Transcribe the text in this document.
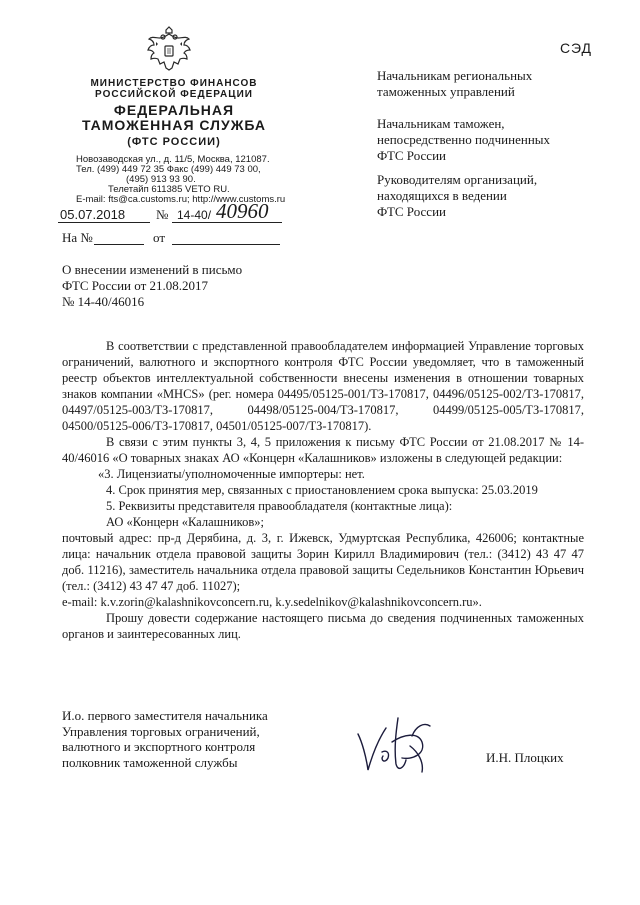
МИНИСТЕРСТВО ФИНАНСОВ
РОССИЙСКОЙ ФЕДЕРАЦИИ
ФЕДЕРАЛЬНАЯ
ТАМОЖЕННАЯ СЛУЖБА
(ФТС РОССИИ)
Новозаводская ул., д. 11/5, Москва, 121087.
Тел. (499) 449 72 35 Факс (499) 449 73 00,
(495) 913 93 90.
Телетайп 611385 VETO RU.
E-mail: fts@ca.customs.ru; http://www.customs.ru
05.07.2018 № 14-40/ 40960
На №	от
СЭД
Начальникам региональных
таможенных управлений
Начальникам таможен,
непосредственно подчиненных
ФТС России
Руководителям организаций,
находящихся в ведении
ФТС России
О внесении изменений в письмо
ФТС России от 21.08.2017
№ 14-40/46016

В соответствии с представленной правообладателем информацией Управление торговых ограничений, валютного и экспортного контроля ФТС России уведомляет, что в таможенный реестр объектов интеллектуальной собственности внесены изменения в отношении товарных знаков компании «MHCS» (рег. номера 04495/05125-001/ТЗ-170817, 04496/05125-002/ТЗ-170817, 04497/05125-003/ТЗ-170817, 04498/05125-004/ТЗ-170817, 04499/05125-005/ТЗ-170817, 04500/05125-006/ТЗ-170817, 04501/05125-007/ТЗ-170817).

В связи с этим пункты 3, 4, 5 приложения к письму ФТС России от 21.08.2017 № 14-40/46016 «О товарных знаках АО «Концерн «Калашников» изложены в следующей редакции:

«3. Лицензиаты/уполномоченные импортеры: нет.

4. Срок принятия мер, связанных с приостановлением срока выпуска: 25.03.2019

5. Реквизиты представителя правообладателя (контактные лица):

АО «Концерн «Калашников»;

почтовый адрес: пр-д Дерябина, д. 3, г. Ижевск, Удмуртская Республика, 426006; контактные лица: начальник отдела правовой защиты Зорин Кирилл Владимирович (тел.: (3412) 43 47 47 доб. 11216), заместитель начальника отдела правовой защиты Седельников Константин Юрьевич (тел.: (3412) 43 47 47 доб. 11027);

e-mail: k.v.zorin@kalashnikovconcern.ru, k.y.sedelnikov@kalashnikovconcern.ru».

Прошу довести содержание настоящего письма до сведения подчиненных таможенных органов и заинтересованных лиц.

И.о. первого заместителя начальника
Управления торговых ограничений,
валютного и экспортного контроля
полковник таможенной службы	И.Н. Плоцких
